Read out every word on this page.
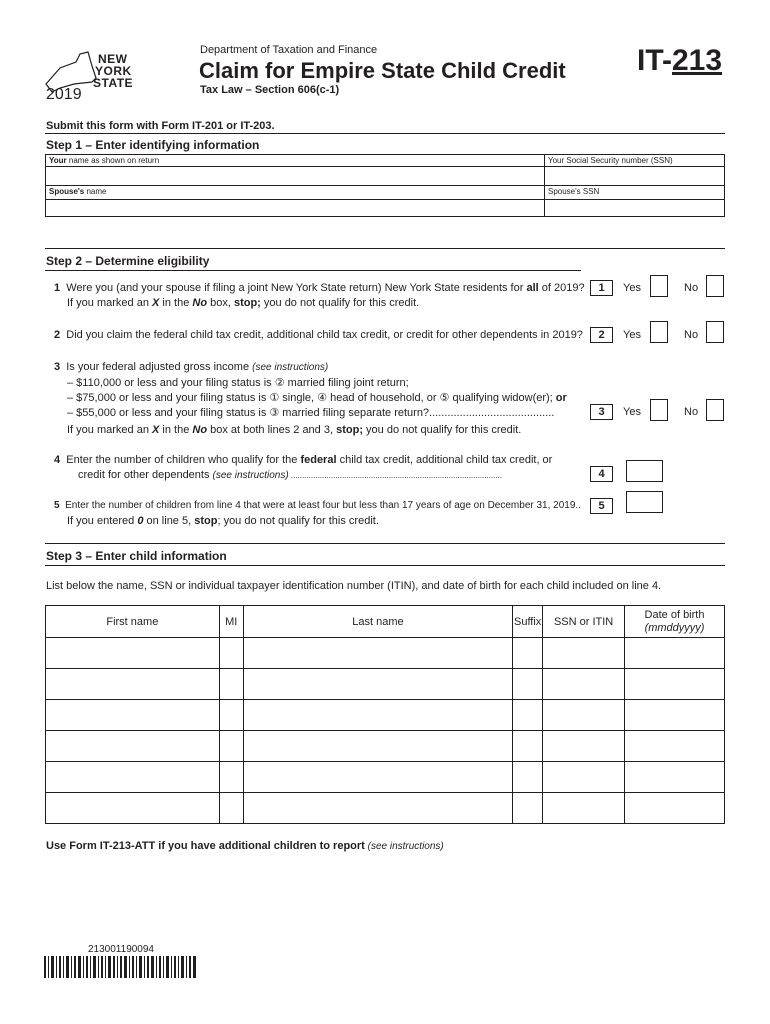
NEW
YORK
STATE
2019
Department of Taxation and Finance
Claim for Empire State Child Credit
Tax Law – Section 606(c-1)
IT-213
Submit this form with Form IT-201 or IT-203.
Step 1 – Enter identifying information
Your name as shown on return	Your Social Security number (SSN)
Spouse's name	Spouse's SSN
Step 2 – Determine eligibility
1 Were you (and your spouse if filing a joint New York State return) New York State residents for all of 2019?
If you marked an X in the No box, stop; you do not qualify for this credit.
1	Yes	No
2 Did you claim the federal child tax credit, additional child tax credit, or credit for other dependents in 2019?	2	Yes	No
3 Is your federal adjusted gross income (see instructions)
– $110,000 or less and your filing status is ② married filing joint return;
– $75,000 or less and your filing status is ① single, ④ head of household, or ⑤ qualifying widow(er); or
– $55,000 or less and your filing status is ③ married filing separate return?.........................................
If you marked an X in the No box at both lines 2 and 3, stop; you do not qualify for this credit.
3	Yes	No
4 Enter the number of children who qualify for the federal child tax credit, additional child tax credit, or
credit for other dependents (see instructions) ...............................................................................................	4
5 Enter the number of children from line 4 that were at least four but less than 17 years of age on December 31, 2019..
If you entered 0 on line 5, stop; you do not qualify for this credit.
5
Step 3 – Enter child information
List below the name, SSN or individual taxpayer identification number (ITIN), and date of birth for each child included on line 4.
First name	MI	Last name	Suffix	SSN or ITIN	Date of birth
(mmddyyyy)

Use Form IT-213-ATT if you have additional children to report (see instructions)
213001190094
